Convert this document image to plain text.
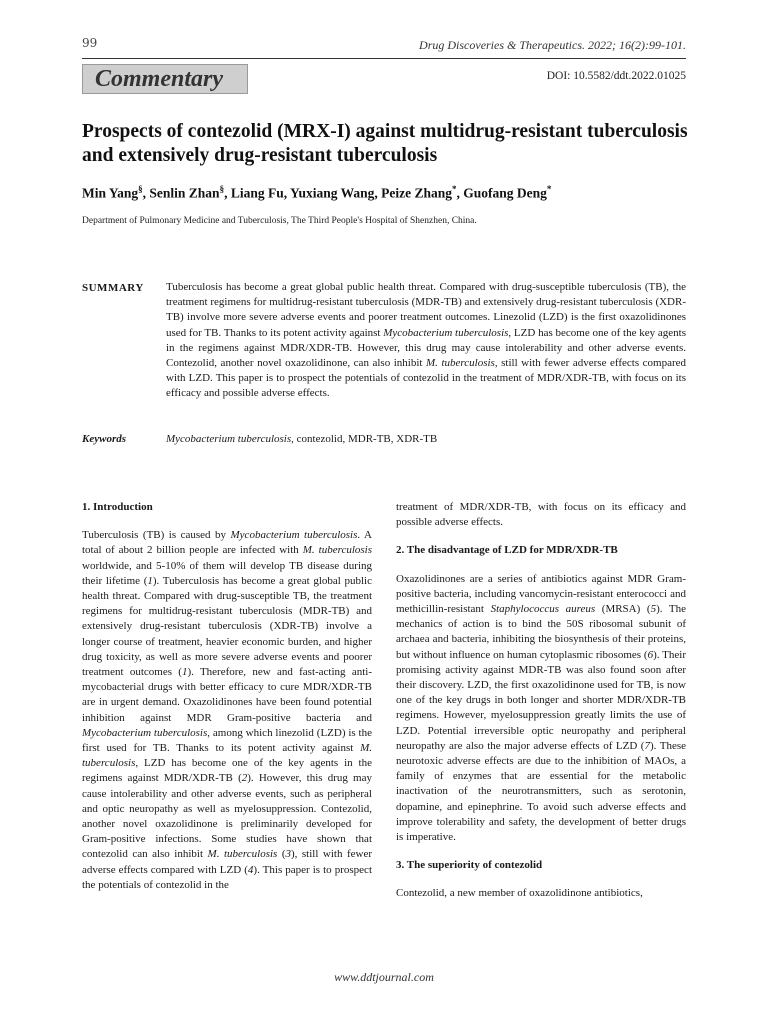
99	Drug Discoveries & Therapeutics. 2022; 16(2):99-101.
Commentary	DOI: 10.5582/ddt.2022.01025
Prospects of contezolid (MRX-I) against multidrug-resistant tuberculosis and extensively drug-resistant tuberculosis
Min Yang§, Senlin Zhan§, Liang Fu, Yuxiang Wang, Peize Zhang*, Guofang Deng*
Department of Pulmonary Medicine and Tuberculosis, The Third People's Hospital of Shenzhen, China.
SUMMARY Tuberculosis has become a great global public health threat. Compared with drug-susceptible tuberculosis (TB), the treatment regimens for multidrug-resistant tuberculosis (MDR-TB) and extensively drug-resistant tuberculosis (XDR-TB) involve more severe adverse events and poorer treatment outcomes. Linezolid (LZD) is the first oxazolidinones used for TB. Thanks to its potent activity against Mycobacterium tuberculosis, LZD has become one of the key agents in the regimens against MDR/XDR-TB. However, this drug may cause intolerability and other adverse events. Contezolid, another novel oxazolidinone, can also inhibit M. tuberculosis, still with fewer adverse effects compared with LZD. This paper is to prospect the potentials of contezolid in the treatment of MDR/XDR-TB, with focus on its efficacy and possible adverse effects.
Keywords	Mycobacterium tuberculosis, contezolid, MDR-TB, XDR-TB
1. Introduction
Tuberculosis (TB) is caused by Mycobacterium tuberculosis. A total of about 2 billion people are infected with M. tuberculosis worldwide, and 5-10% of them will develop TB disease during their lifetime (1). Tuberculosis has become a great global public health threat. Compared with drug-susceptible TB, the treatment regimens for multidrug-resistant tuberculosis (MDR-TB) and extensively drug-resistant tuberculosis (XDR-TB) involve a longer course of treatment, heavier economic burden, and higher drug toxicity, as well as more severe adverse events and poorer treatment outcomes (1). Therefore, new and fast-acting anti-mycobacterial drugs with better efficacy to cure MDR/XDR-TB are in urgent demand. Oxazolidinones have been found potential inhibition against MDR Gram-positive bacteria and Mycobacterium tuberculosis, among which linezolid (LZD) is the first used for TB. Thanks to its potent activity against M. tuberculosis, LZD has become one of the key agents in the regimens against MDR/XDR-TB (2). However, this drug may cause intolerability and other adverse events, such as peripheral and optic neuropathy as well as myelosuppression. Contezolid, another novel oxazolidinone is preliminarily developed for Gram-positive infections. Some studies have shown that contezolid can also inhibit M. tuberculosis (3), still with fewer adverse effects compared with LZD (4). This paper is to prospect the potentials of contezolid in the
treatment of MDR/XDR-TB, with focus on its efficacy and possible adverse effects.
2. The disadvantage of LZD for MDR/XDR-TB
Oxazolidinones are a series of antibiotics against MDR Gram-positive bacteria, including vancomycin-resistant enterococci and methicillin-resistant Staphylococcus aureus (MRSA) (5). The mechanics of action is to bind the 50S ribosomal subunit of archaea and bacteria, inhibiting the biosynthesis of their proteins, but without influence on human cytoplasmic ribosomes (6). Their promising activity against MDR-TB was also found soon after their discovery. LZD, the first oxazolidinone used for TB, is now one of the key drugs in both longer and shorter MDR/XDR-TB regimens. However, myelosuppression greatly limits the use of LZD. Potential irreversible optic neuropathy and peripheral neuropathy are also the major adverse effects of LZD (7). These neurotoxic adverse effects are due to the inhibition of MAOs, a family of enzymes that are essential for the metabolic inactivation of the neurotransmitters, such as serotonin, dopamine, and epinephrine. To avoid such adverse effects and improve tolerability and safety, the development of better drugs is imperative.
3. The superiority of contezolid
Contezolid, a new member of oxazolidinone antibiotics,
www.ddtjournal.com
